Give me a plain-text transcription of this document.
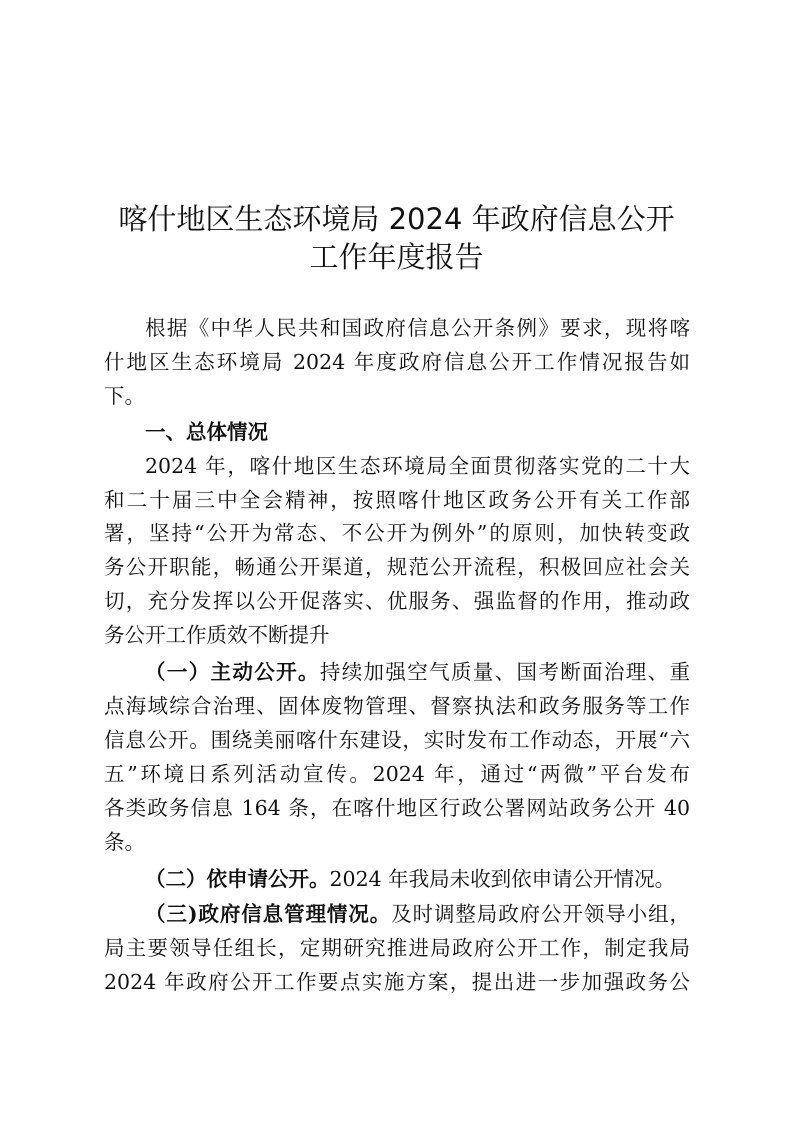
喀什地区生态环境局 2024 年政府信息公开
工作年度报告
根据《中华人民共和国政府信息公开条例》要求，现将喀
什地区生态环境局 2024 年度政府信息公开工作情况报告如
下。
一、总体情况
2024 年，喀什地区生态环境局全面贯彻落实党的二十大
和二十届三中全会精神，按照喀什地区政务公开有关工作部
署，坚持“公开为常态、不公开为例外”的原则，加快转变政
务公开职能，畅通公开渠道，规范公开流程，积极回应社会关
切，充分发挥以公开促落实、优服务、强监督的作用，推动政
务公开工作质效不断提升
（一）主动公开。持续加强空气质量、国考断面治理、重
点海域综合治理、固体废物管理、督察执法和政务服务等工作
信息公开。围绕美丽喀什东建设，实时发布工作动态，开展“六
五”环境日系列活动宣传。2024 年，通过“两微”平台发布
各类政务信息 164 条，在喀什地区行政公署网站政务公开 40
条。
（二）依申请公开。2024 年我局未收到依申请公开情况。
（三)政府信息管理情况。及时调整局政府公开领导小组，
局主要领导任组长，定期研究推进局政府公开工作，制定我局
2024 年政府公开工作要点实施方案，提出进一步加强政务公
